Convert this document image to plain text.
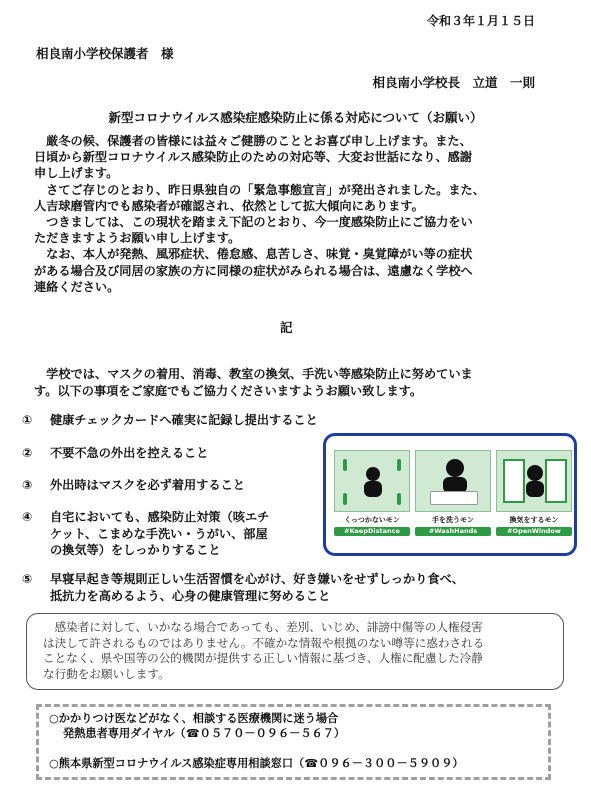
令和３年１月１５日
相良南小学校保護者　様
相良南小学校長　立道　一則
新型コロナウイルス感染症感染防止に係る対応について（お願い）

　厳冬の候、保護者の皆様には益々ご健勝のこととお喜び申し上げます。また、

日頃から新型コロナウイルス感染防止のための対応等、大変お世話になり、感謝

申し上げます。

　さてご存じのとおり、昨日県独自の「緊急事態宣言」が発出されました。また、

人吉球磨管内でも感染者が確認され、依然として拡大傾向にあります。

　つきましては、この現状を踏まえ下記のとおり、今一度感染防止にご協力をい

ただきますようお願い申し上げます。

　なお、本人が発熱、風邪症状、倦怠感、息苦しさ、味覚・臭覚障がい等の症状

がある場合及び同居の家族の方に同様の症状がみられる場合は、遠慮なく学校へ

連絡ください。

記

　学校では、マスクの着用、消毒、教室の換気、手洗い等感染防止に努めていま

す。以下の事項をご家庭でもご協力くださいますようお願い致します。

①	健康チェックカードへ確実に記録し提出すること
②	不要不急の外出を控えること
③	外出時はマスクを必ず着用すること
④	自宅においても、感染防止対策（咳エチ
ケット、こまめな手洗い・うがい、部屋
の換気等）をしっかりすること
⑤	早寝早起き等規則正しい生活習慣を心がけ、好き嫌いをせずしっかり食べ、
抵抗力を高めるよう、心身の健康管理に努めること
くっつかないモン
#KeepDistance
手を洗うモン
#WashHands
換気をするモン
#OpenWindow
　感染者に対して、いかなる場合であっても、差別、いじめ、誹謗中傷等の人権侵害
は決して許されるものではありません。不確かな情報や根拠のない噂等に惑わされる
ことなく、県や国等の公的機関が提供する正しい情報に基づき、人権に配慮した冷静
な行動をお願いします。
○かかりつけ医などがなく、相談する医療機関に迷う場合
発熱患者専用ダイヤル（☎０５７０－０９６－５６７）
○熊本県新型コロナウイルス感染症専用相談窓口（☎０９６－３００－５９０９）
